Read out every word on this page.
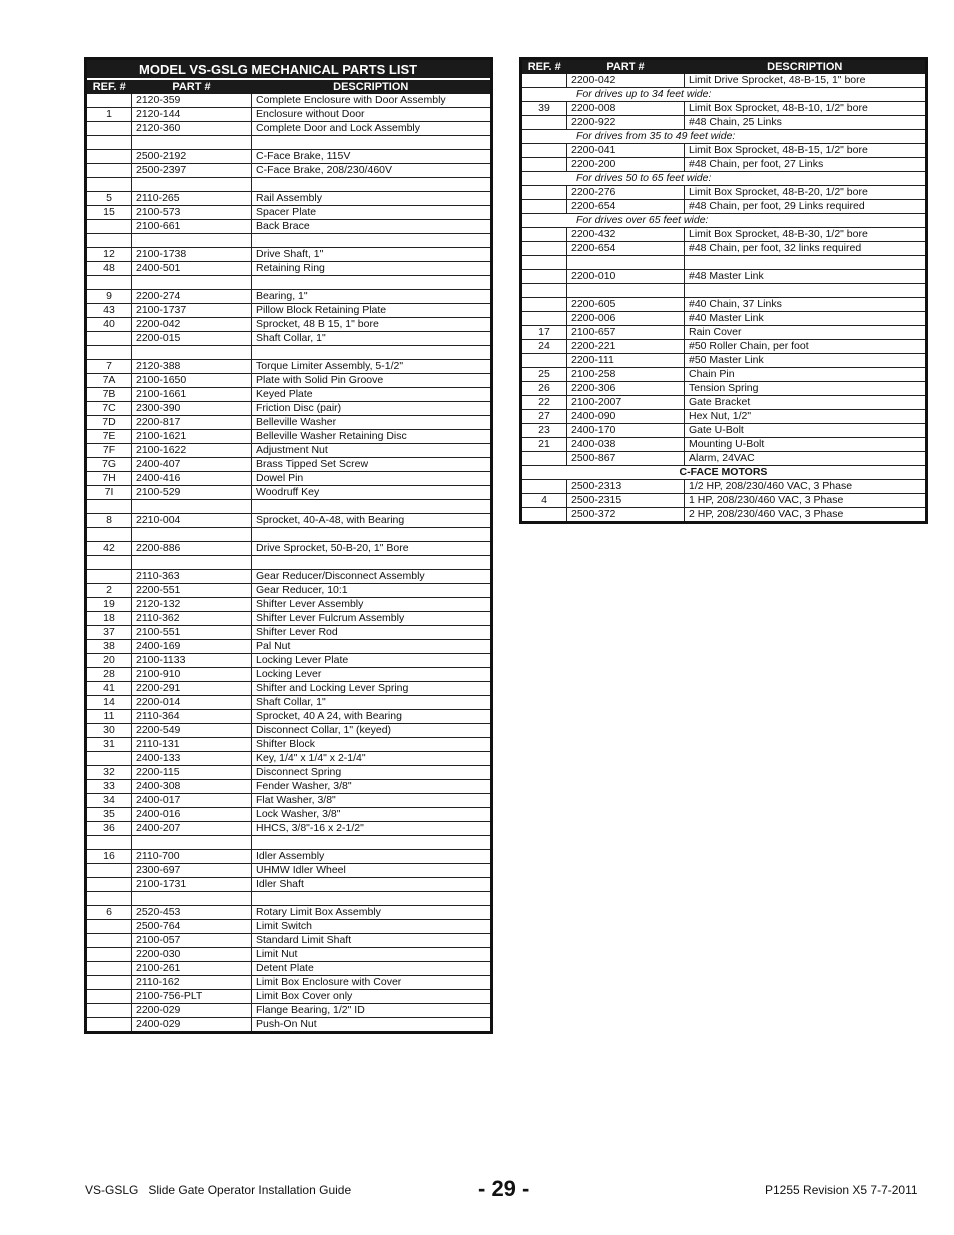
MODEL VS-GSLG MECHANICAL PARTS LIST		
REF. #	PART #	DESCRIPTION
	2120-359	Complete Enclosure with Door Assembly
1	2120-144	Enclosure without Door
	2120-360	Complete Door and Lock Assembly

	2500-2192	C-Face Brake, 115V
	2500-2397	C-Face Brake, 208/230/460V

5	2110-265	Rail Assembly
15	2100-573	Spacer Plate
	2100-661	Back Brace

12	2100-1738	Drive Shaft, 1"
48	2400-501	Retaining Ring

9	2200-274	Bearing, 1"
43	2100-1737	Pillow Block Retaining Plate
40	2200-042	Sprocket, 48 B 15, 1" bore
	2200-015	Shaft Collar, 1"

7	2120-388	Torque Limiter Assembly, 5-1/2"
7A	2100-1650	Plate with Solid Pin Groove
7B	2100-1661	Keyed Plate
7C	2300-390	Friction Disc (pair)
7D	2200-817	Belleville Washer
7E	2100-1621	Belleville Washer Retaining Disc
7F	2100-1622	Adjustment Nut
7G	2400-407	Brass Tipped Set Screw
7H	2400-416	Dowel Pin
7I	2100-529	Woodruff Key

8	2210-004	Sprocket, 40-A-48, with Bearing

42	2200-886	Drive Sprocket, 50-B-20, 1" Bore

	2110-363	Gear Reducer/Disconnect Assembly
2	2200-551	Gear Reducer, 10:1
19	2120-132	Shifter Lever Assembly
18	2110-362	Shifter Lever Fulcrum Assembly
37	2100-551	Shifter Lever Rod
38	2400-169	Pal Nut
20	2100-1133	Locking Lever Plate
28	2100-910	Locking Lever
41	2200-291	Shifter and Locking Lever Spring
14	2200-014	Shaft Collar, 1"
11	2110-364	Sprocket, 40 A 24, with Bearing
30	2200-549	Disconnect Collar, 1" (keyed)
31	2110-131	Shifter Block
	2400-133	Key, 1/4" x 1/4" x 2-1/4"
32	2200-115	Disconnect Spring
33	2400-308	Fender Washer, 3/8"
34	2400-017	Flat Washer, 3/8"
35	2400-016	Lock Washer, 3/8"
36	2400-207	HHCS, 3/8"-16 x 2-1/2"

16	2110-700	Idler Assembly
	2300-697	UHMW Idler Wheel
	2100-1731	Idler Shaft

6	2520-453	Rotary Limit Box Assembly
	2500-764	Limit Switch
	2100-057	Standard Limit Shaft
	2200-030	Limit Nut
	2100-261	Detent Plate
	2110-162	Limit Box Enclosure with Cover
	2100-756-PLT	Limit Box Cover only
	2200-029	Flange Bearing, 1/2" ID
	2400-029	Push-On Nut
REF. #	PART #	DESCRIPTION
	2200-042	Limit Drive Sprocket, 48-B-15, 1" bore
For drives up to 34 feet wide:		
39	2200-008	Limit Box Sprocket, 48-B-10, 1/2" bore
	2200-922	#48 Chain, 25 Links
For drives from 35 to 49 feet wide:		
	2200-041	Limit Box Sprocket, 48-B-15, 1/2" bore
	2200-200	#48 Chain, per foot, 27 Links
For drives 50 to 65 feet wide:		
	2200-276	Limit Box Sprocket, 48-B-20, 1/2" bore
	2200-654	#48 Chain, per foot, 29 Links required
For drives over 65 feet wide:		
	2200-432	Limit Box Sprocket, 48-B-30, 1/2" bore
	2200-654	#48 Chain, per foot, 32 links required

	2200-010	#48 Master Link

	2200-605	#40 Chain, 37 Links
	2200-006	#40 Master Link
17	2100-657	Rain Cover
24	2200-221	#50 Roller Chain, per foot
	2200-111	#50 Master Link
25	2100-258	Chain Pin
26	2200-306	Tension Spring
22	2100-2007	Gate Bracket
27	2400-090	Hex Nut, 1/2"
23	2400-170	Gate U-Bolt
21	2400-038	Mounting U-Bolt
	2500-867	Alarm, 24VAC
C-FACE MOTORS		
	2500-2313	1/2 HP, 208/230/460 VAC, 3 Phase
4	2500-2315	1 HP, 208/230/460 VAC, 3 Phase
	2500-372	2 HP, 208/230/460 VAC, 3 Phase
VS-GSLG   Slide Gate Operator Installation Guide	- 29 -	P1255 Revision X5 7-7-2011
